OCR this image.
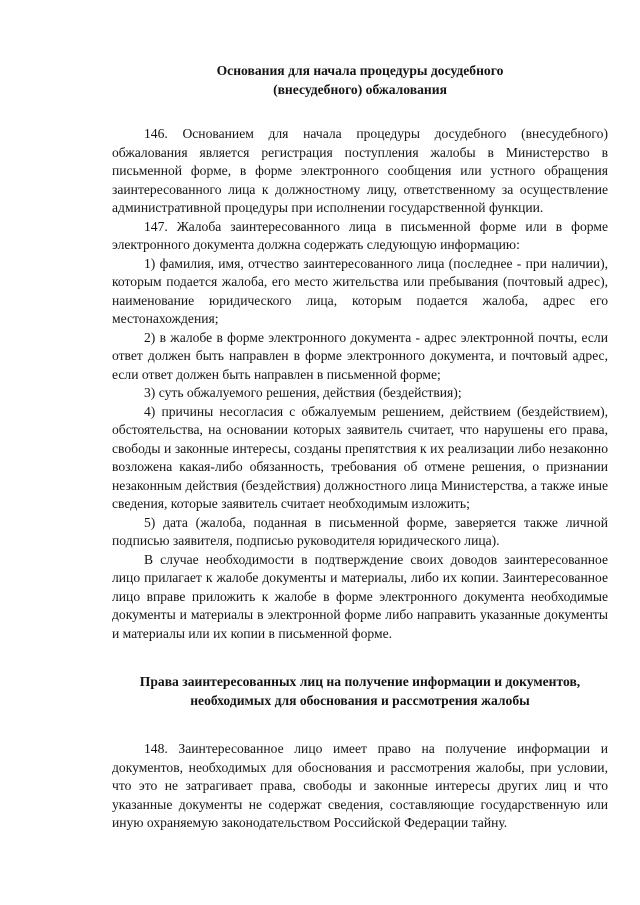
Основания для начала процедуры досудебного
(внесудебного) обжалования

146. Основанием для начала процедуры досудебного (внесудебного) обжалования является регистрация поступления жалобы в Министерство в письменной форме, в форме электронного сообщения или устного обращения заинтересованного лица к должностному лицу, ответственному за осуществление административной процедуры при исполнении государственной функции.

147. Жалоба заинтересованного лица в письменной форме или в форме электронного документа должна содержать следующую информацию:

1) фамилия, имя, отчество заинтересованного лица (последнее - при наличии), которым подается жалоба, его место жительства или пребывания (почтовый адрес), наименование юридического лица, которым подается жалоба, адрес его местонахождения;

2) в жалобе в форме электронного документа - адрес электронной почты, если ответ должен быть направлен в форме электронного документа, и почтовый адрес, если ответ должен быть направлен в письменной форме;

3) суть обжалуемого решения, действия (бездействия);

4) причины несогласия с обжалуемым решением, действием (бездействием), обстоятельства, на основании которых заявитель считает, что нарушены его права, свободы и законные интересы, созданы препятствия к их реализации либо незаконно возложена какая-либо обязанность, требования об отмене решения, о признании незаконным действия (бездействия) должностного лица Министерства, а также иные сведения, которые заявитель считает необходимым изложить;

5) дата (жалоба, поданная в письменной форме, заверяется также личной подписью заявителя, подписью руководителя юридического лица).

В случае необходимости в подтверждение своих доводов заинтересованное лицо прилагает к жалобе документы и материалы, либо их копии. Заинтересованное лицо вправе приложить к жалобе в форме электронного документа необходимые документы и материалы в электронной форме либо направить указанные документы и материалы или их копии в письменной форме.

Права заинтересованных лиц на получение информации и документов,
необходимых для обоснования и рассмотрения жалобы

148. Заинтересованное лицо имеет право на получение информации и документов, необходимых для обоснования и рассмотрения жалобы, при условии, что это не затрагивает права, свободы и законные интересы других лиц и что указанные документы не содержат сведения, составляющие государственную или иную охраняемую законодательством Российской Федерации тайну.
